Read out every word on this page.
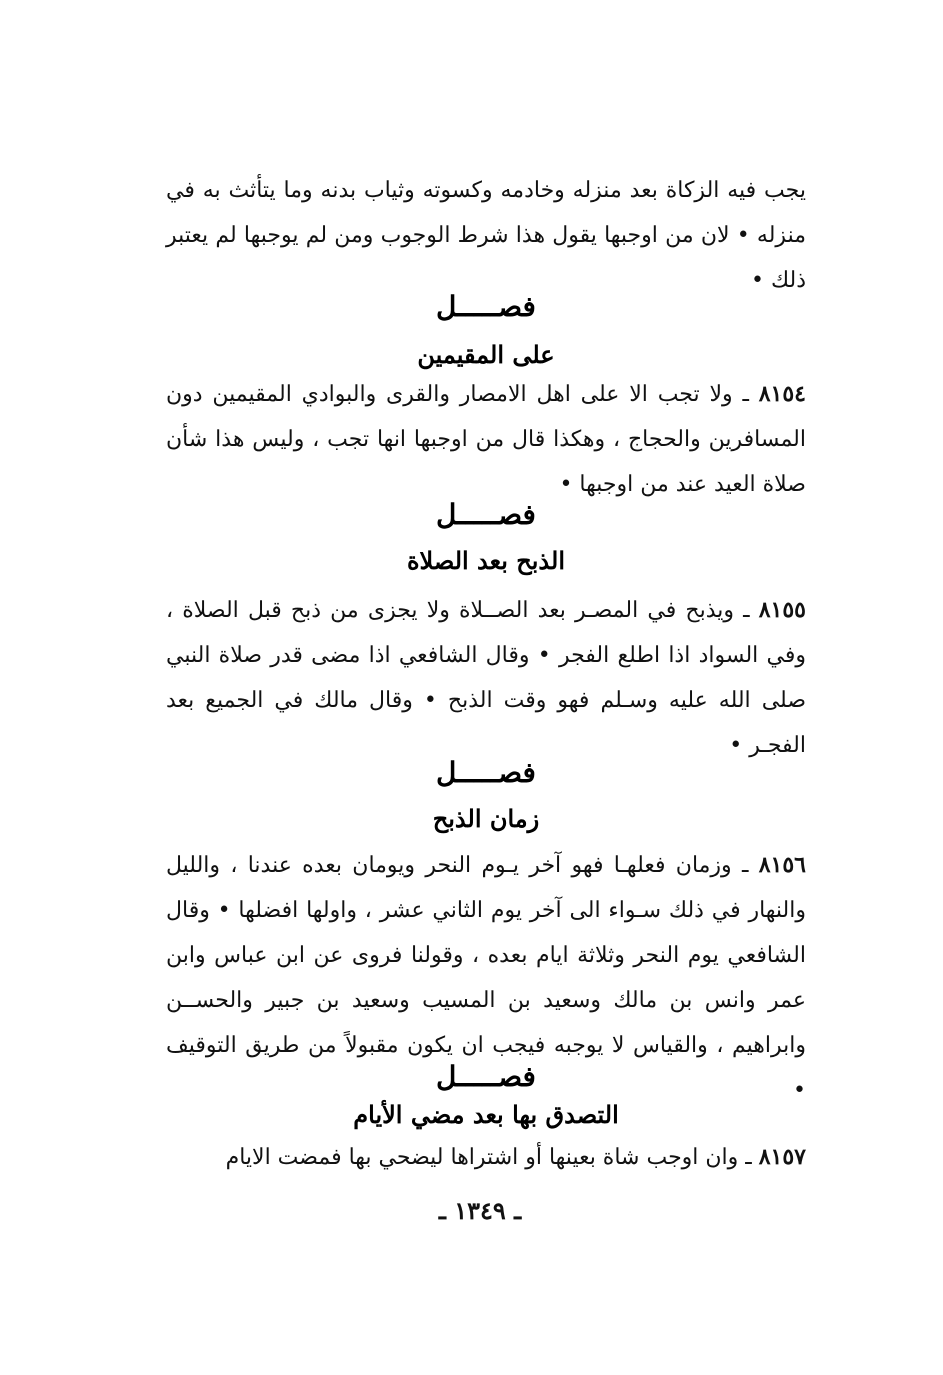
يجب فيه الزكاة بعد منزله وخادمه وكسوته وثياب بدنه وما يتأثث به في منزله • لان من اوجبها يقول هذا شرط الوجوب ومن لم يوجبها لم يعتبر ذلك •
فصـــــل
على المقيمين
٨١٥٤ ـ ولا تجب الا على اهل الامصار والقرى والبوادي المقيمين دون المسافرين والحجاج ، وهكذا قال من اوجبها انها تجب ، وليس هذا شأن صلاة العيد عند من اوجبها •
فصـــــل
الذبح بعد الصلاة
٨١٥٥ ـ ويذبح في المصـر بعد الصــلاة ولا يجزى من ذبح قبل الصلاة ، وفي السواد اذا اطلع الفجر • وقال الشافعي اذا مضى قدر صلاة النبي صلى الله عليه وسـلم فهو وقت الذبح • وقال مالك في الجميع بعد الفجـر •
فصـــــل
زمان الذبح
٨١٥٦ ـ وزمان فعلهـا فهو آخر يـوم النحر ويومان بعده عندنا ، والليل والنهار في ذلك سـواء الى آخر يوم الثاني عشر ، واولها افضلها • وقال الشافعي يوم النحر وثلاثة ايام بعده ، وقولنا فروى عن ابن عباس وابن عمر وانس بن مالك وسعيد بن المسيب وسعيد بن جبير والحســن وابراهيم ، والقياس لا يوجبه فيجب ان يكون مقبولاً من طريق التوقيف •
فصـــــل
التصدق بها بعد مضي الأيام
٨١٥٧ ـ وان اوجب شاة بعينها أو اشتراها ليضحي بها فمضت الايام
ـ ١٣٤٩ ـ
